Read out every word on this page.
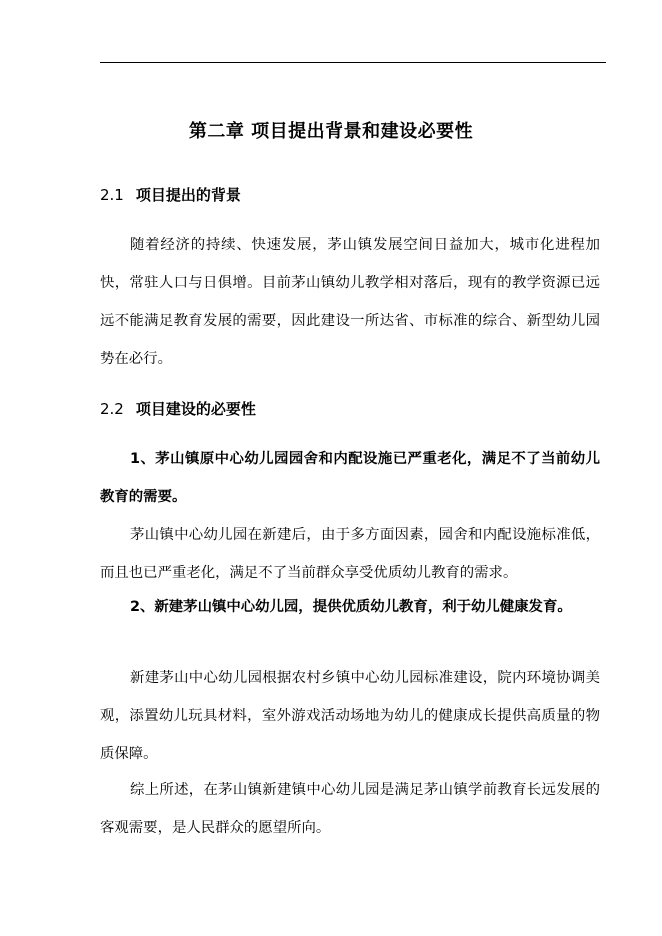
第二章 项目提出背景和建设必要性
2.1 项目提出的背景

随着经济的持续、快速发展，茅山镇发展空间日益加大，城市化进程加快，常驻人口与日俱增。目前茅山镇幼儿教学相对落后，现有的教学资源已远远不能满足教育发展的需要，因此建设一所达省、市标准的综合、新型幼儿园势在必行。

2.2 项目建设的必要性

1、茅山镇原中心幼儿园园舍和内配设施已严重老化，满足不了当前幼儿教育的需要。

茅山镇中心幼儿园在新建后，由于多方面因素，园舍和内配设施标准低，而且也已严重老化，满足不了当前群众享受优质幼儿教育的需求。

2、新建茅山镇中心幼儿园，提供优质幼儿教育，利于幼儿健康发育。

新建茅山中心幼儿园根据农村乡镇中心幼儿园标准建设，院内环境协调美观，添置幼儿玩具材料，室外游戏活动场地为幼儿的健康成长提供高质量的物质保障。

综上所述，在茅山镇新建镇中心幼儿园是满足茅山镇学前教育长远发展的客观需要，是人民群众的愿望所向。
